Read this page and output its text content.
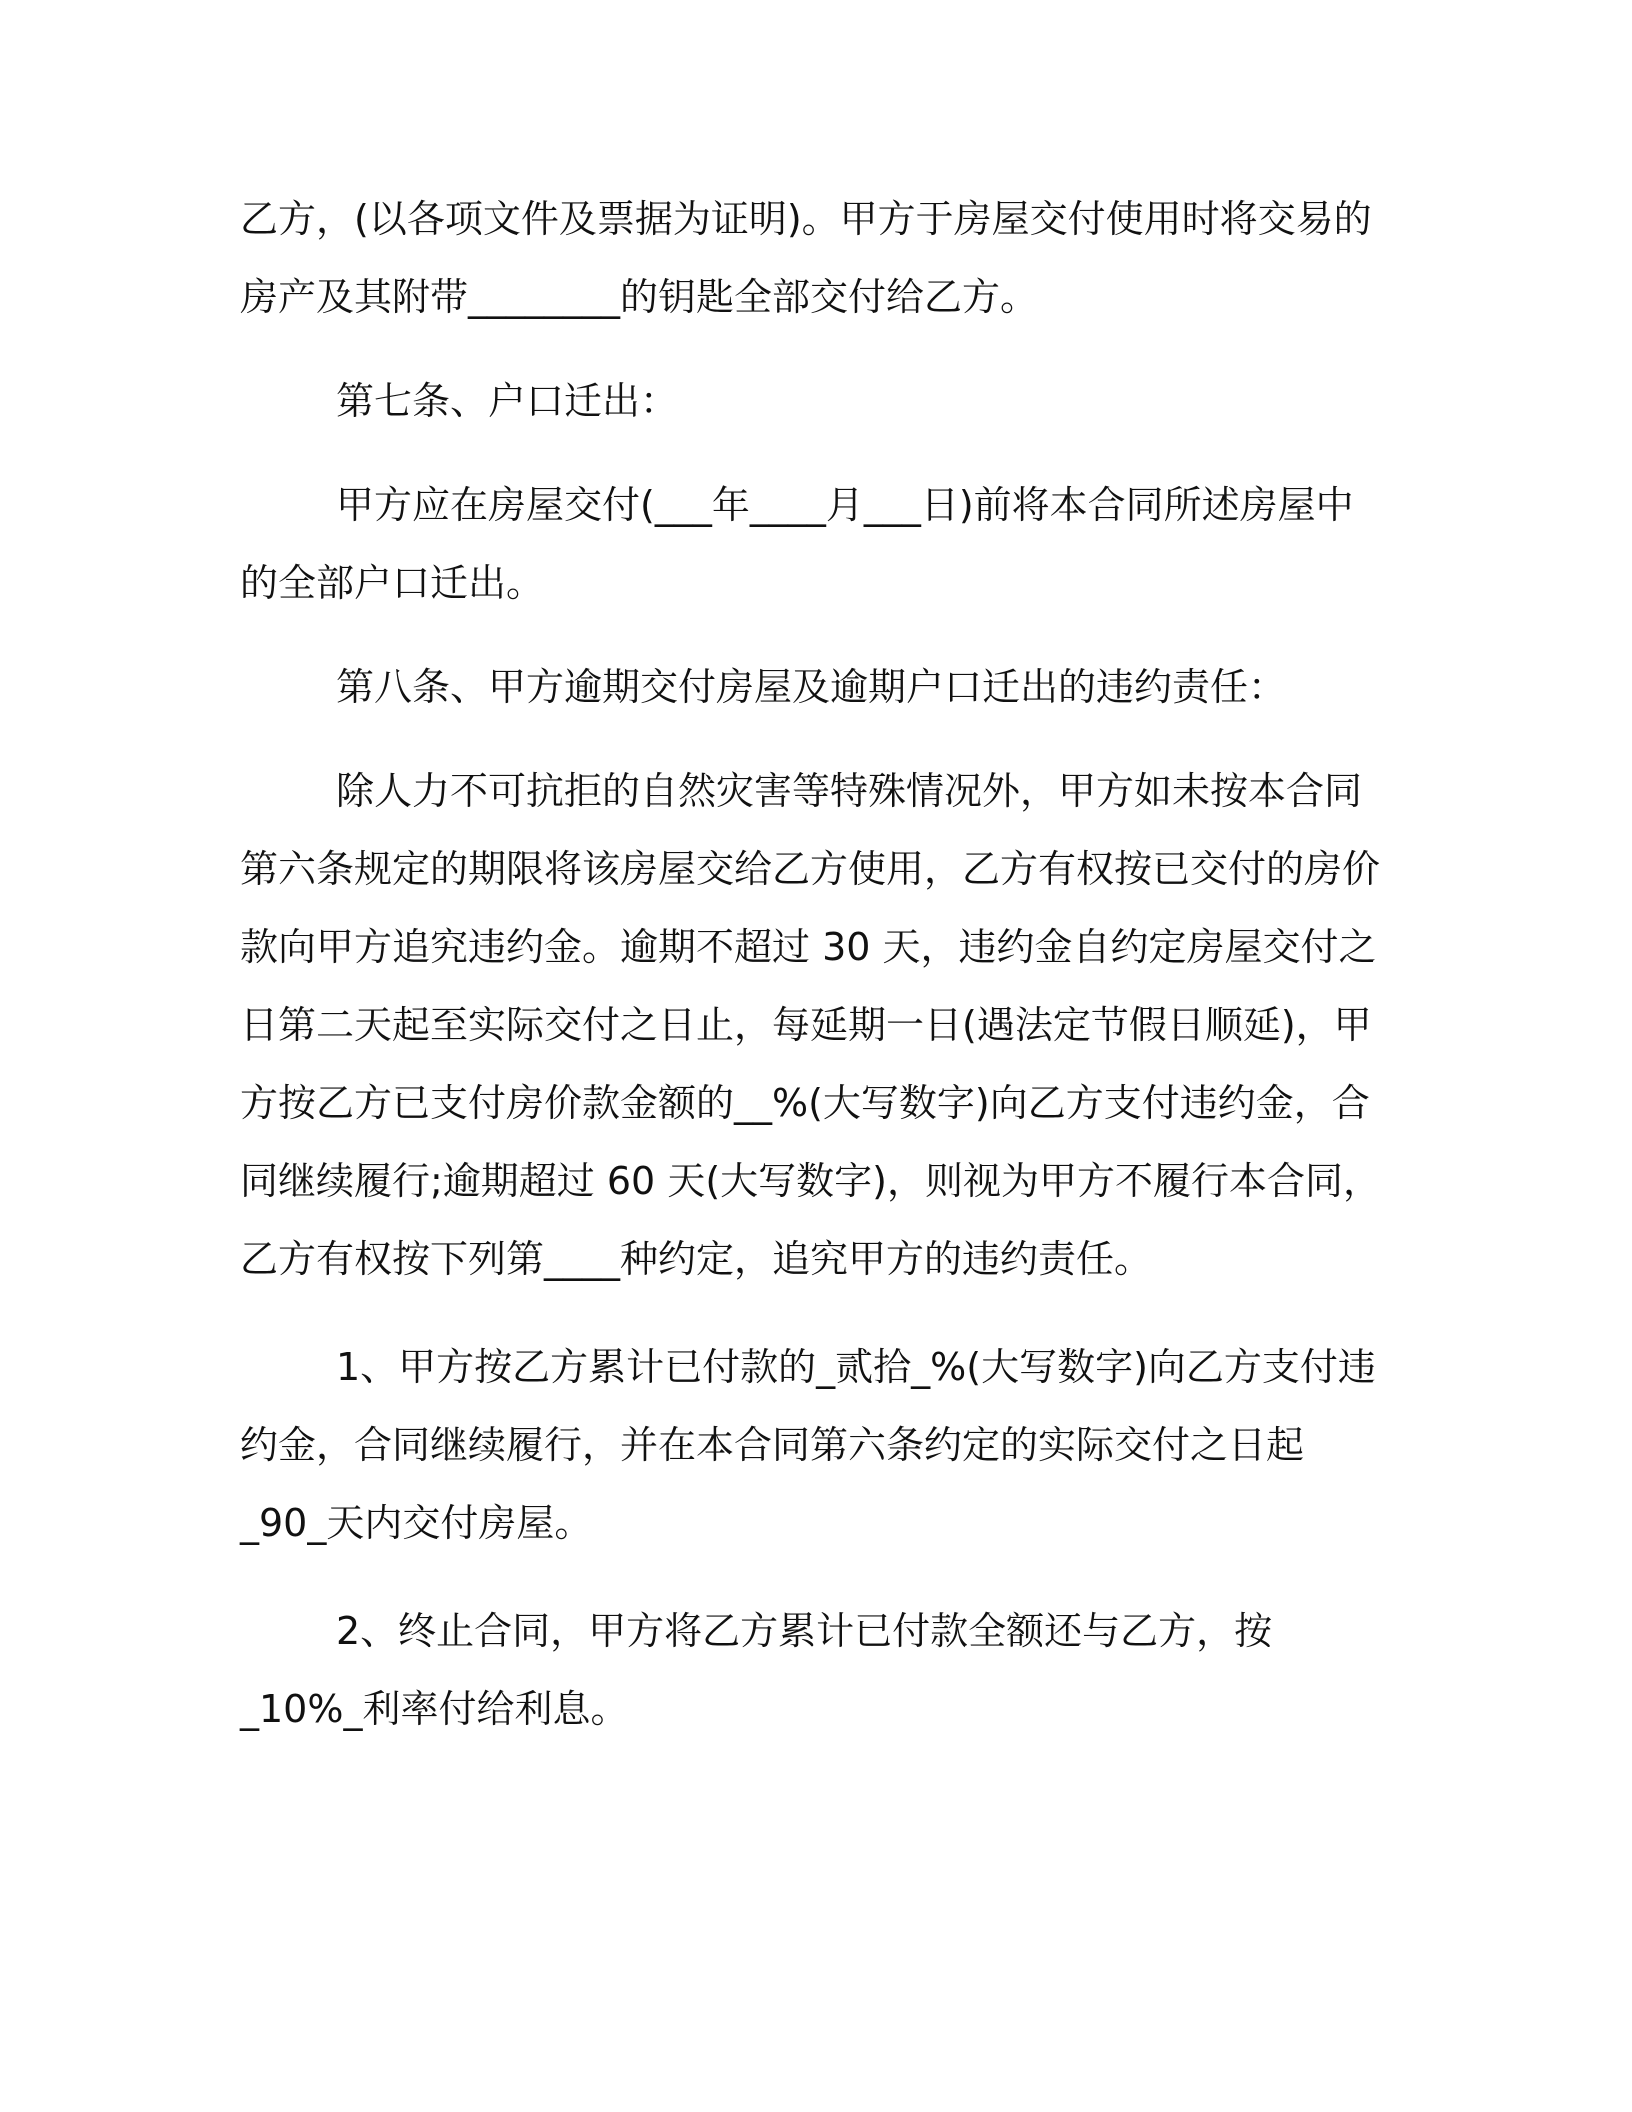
乙方，(以各项文件及票据为证明)。甲方于房屋交付使用时将交易的房产及其附带________的钥匙全部交付给乙方。

第七条、户口迁出：

甲方应在房屋交付(___年____月___日)前将本合同所述房屋中的全部户口迁出。

第八条、甲方逾期交付房屋及逾期户口迁出的违约责任：

除人力不可抗拒的自然灾害等特殊情况外，甲方如未按本合同第六条规定的期限将该房屋交给乙方使用，乙方有权按已交付的房价款向甲方追究违约金。逾期不超过 30 天，违约金自约定房屋交付之日第二天起至实际交付之日止，每延期一日(遇法定节假日顺延)，甲方按乙方已支付房价款金额的__%(大写数字)向乙方支付违约金，合同继续履行;逾期超过 60 天(大写数字)，则视为甲方不履行本合同，乙方有权按下列第____种约定，追究甲方的违约责任。

1、甲方按乙方累计已付款的_贰拾_%(大写数字)向乙方支付违约金，合同继续履行，并在本合同第六条约定的实际交付之日起_90_天内交付房屋。

2、终止合同，甲方将乙方累计已付款全额还与乙方，按_10%_利率付给利息。
